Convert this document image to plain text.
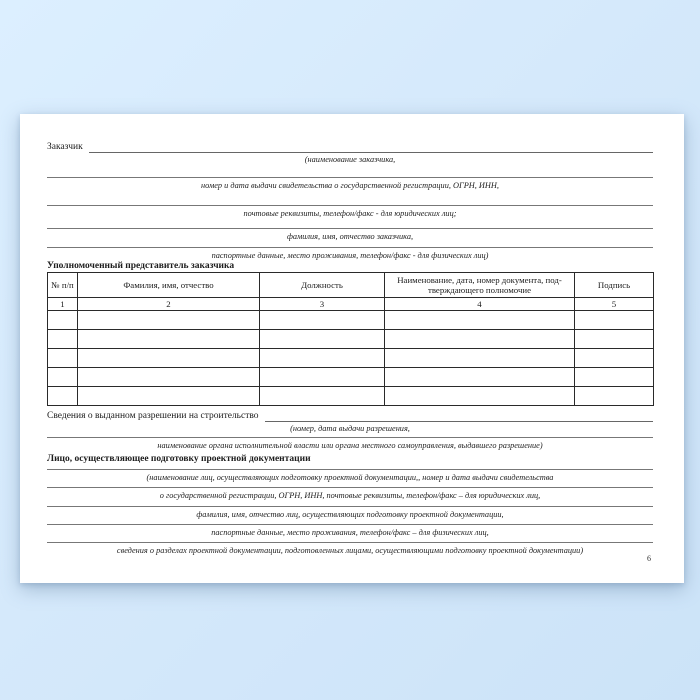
Заказчик
(наименование заказчика,
номер и дата выдачи свидетельства о государственной регистрации, ОГРН, ИНН,
почтовые реквизиты, телефон/факс - для юридических лиц;
фамилия, имя, отчество заказчика,
паспортные данные, место проживания, телефон/факс - для физических лиц)
Уполномоченный представитель заказчика
№ п/п	Фамилия, имя, отчество	Должность	Наименование, дата, номер документа, подтверждающего полномочие	Подпись
1	2	3	4	5

Сведения о выданном разрешении на строительство
(номер, дата выдачи разрешения,
наименование органа исполнительной власти или органа местного самоуправления, выдавшего разрешение)
Лицо, осуществляющее подготовку проектной документации
(наименование лиц, осуществляющих подготовку проектной документации,, номер и дата выдачи свидетельства
о государственной регистрации, ОГРН, ИНН, почтовые реквизиты, телефон/факс – для юридических лиц,
фамилия, имя, отчество лиц, осуществляющих подготовку проектной документации,
паспортные данные, место проживания, телефон/факс – для физических лиц,
сведения о разделах проектной документации, подготовленных лицами, осуществляющими подготовку проектной документации)
6
